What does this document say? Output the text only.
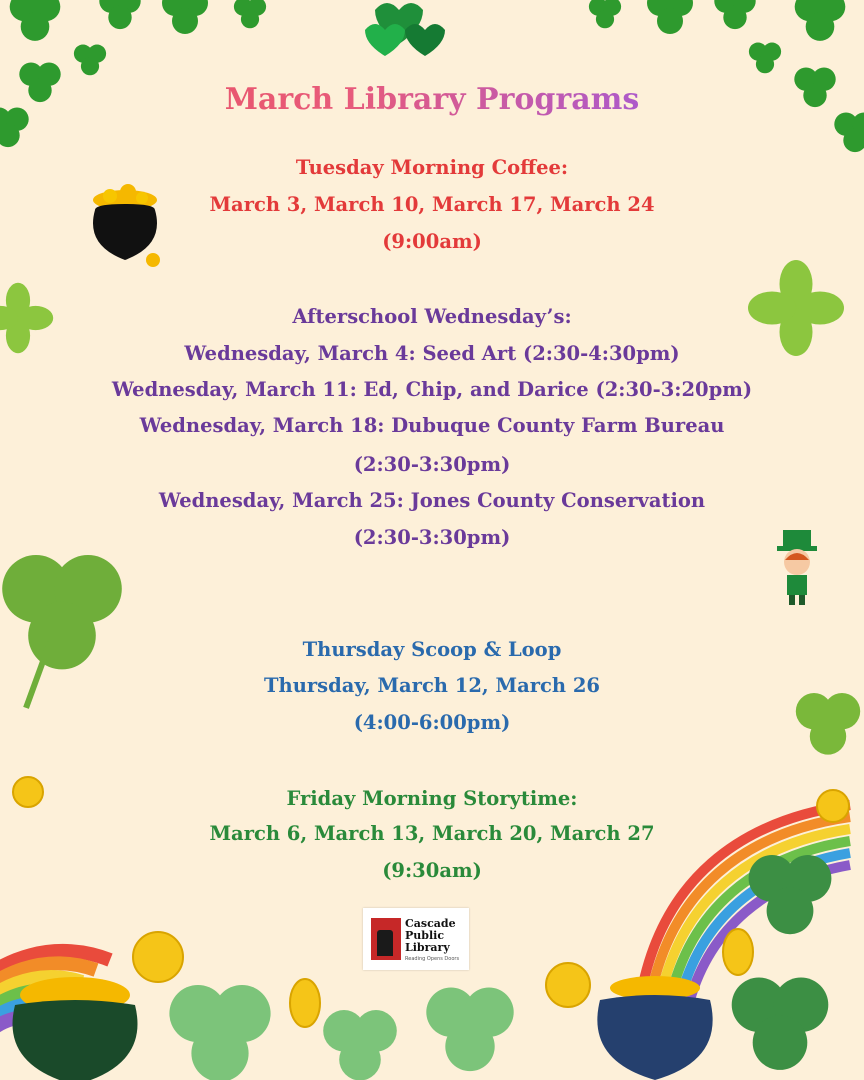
March Library Programs
Tuesday Morning Coffee:
March 3, March 10, March 17, March 24
(9:00am)
Afterschool Wednesday’s:
Wednesday, March 4: Seed Art (2:30-4:30pm)
Wednesday, March 11: Ed, Chip, and Darice (2:30-3:20pm)
Wednesday, March 18: Dubuque County Farm Bureau
(2:30-3:30pm)
Wednesday, March 25: Jones County Conservation
(2:30-3:30pm)
Thursday Scoop & Loop
Thursday, March 12, March 26
(4:00-6:00pm)
Friday Morning Storytime:
March 6, March 13, March 20, March 27
(9:30am)
Cascade
Public
Library
Reading Opens Doors
